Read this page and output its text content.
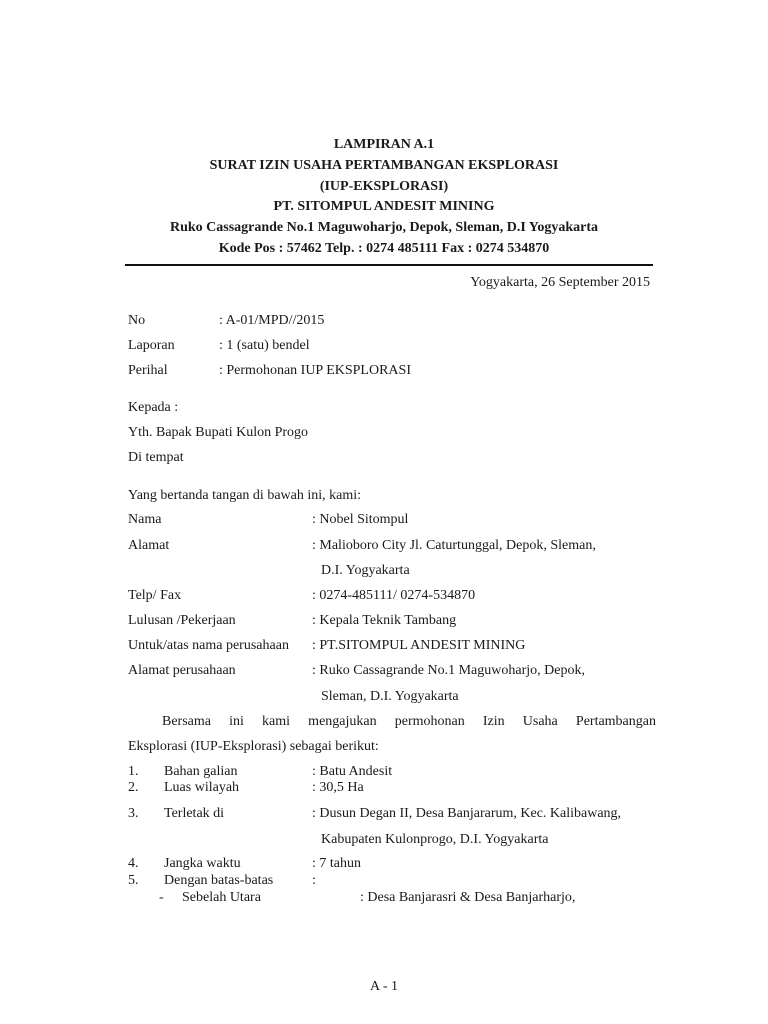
LAMPIRAN A.1
SURAT IZIN USAHA PERTAMBANGAN EKSPLORASI
(IUP-EKSPLORASI)
PT. SITOMPUL ANDESIT MINING
Ruko Cassagrande No.1 Maguwoharjo, Depok, Sleman, D.I Yogyakarta
Kode Pos : 57462 Telp. : 0274 485111 Fax : 0274 534870
Yogyakarta, 26 September 2015
No	: A-01/MPD//2015
Laporan	: 1 (satu) bendel
Perihal	: Permohonan IUP EKSPLORASI
Kepada :
Yth. Bapak Bupati Kulon Progo
Di tempat
Yang bertanda tangan di bawah ini, kami:
Nama	: Nobel Sitompul
Alamat	: Malioboro City Jl. Caturtunggal, Depok, Sleman,
D.I. Yogyakarta
Telp/ Fax	: 0274-485111/ 0274-534870
Lulusan /Pekerjaan	: Kepala Teknik Tambang
Untuk/atas nama perusahaan : PT.SITOMPUL ANDESIT MINING
Alamat perusahaan	: Ruko Cassagrande No.1 Maguwoharjo, Depok,
Sleman, D.I. Yogyakarta
Bersama ini kami mengajukan permohonan Izin Usaha Pertambangan
Eksplorasi (IUP-Eksplorasi) sebagai berikut:
1. Bahan galian	: Batu Andesit
2. Luas wilayah	: 30,5 Ha
3. Terletak di	: Dusun Degan II, Desa Banjararum, Kec. Kalibawang,
Kabupaten Kulonprogo, D.I. Yogyakarta
4. Jangka waktu	: 7 tahun
5. Dengan batas-batas	:
- Sebelah Utara	: Desa Banjarasri & Desa Banjarharjo,
A - 1
